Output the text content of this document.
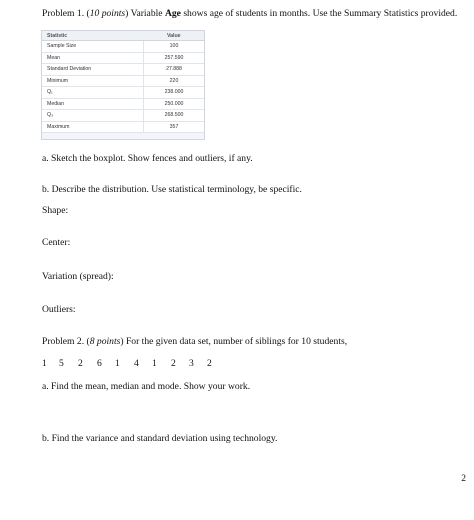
Problem 1. (10 points) Variable Age shows age of students in months. Use the Summary Statistics provided.
Statistic	Value
Sample Size	100
Mean	257.590
Standard Deviation	27.888
Minimum	220
Q₁	238.000
Median	250.000
Q₃	268.500
Maximum	357
a. Sketch the boxplot. Show fences and outliers, if any.
b. Describe the distribution. Use statistical terminology, be specific.
Shape:
Center:
Variation (spread):
Outliers:
Problem 2. (8 points) For the given data set, number of siblings for 10 students,
1 5 2 6 1 4 1 2 3 2
a. Find the mean, median and mode. Show your work.
b. Find the variance and standard deviation using technology.
2
